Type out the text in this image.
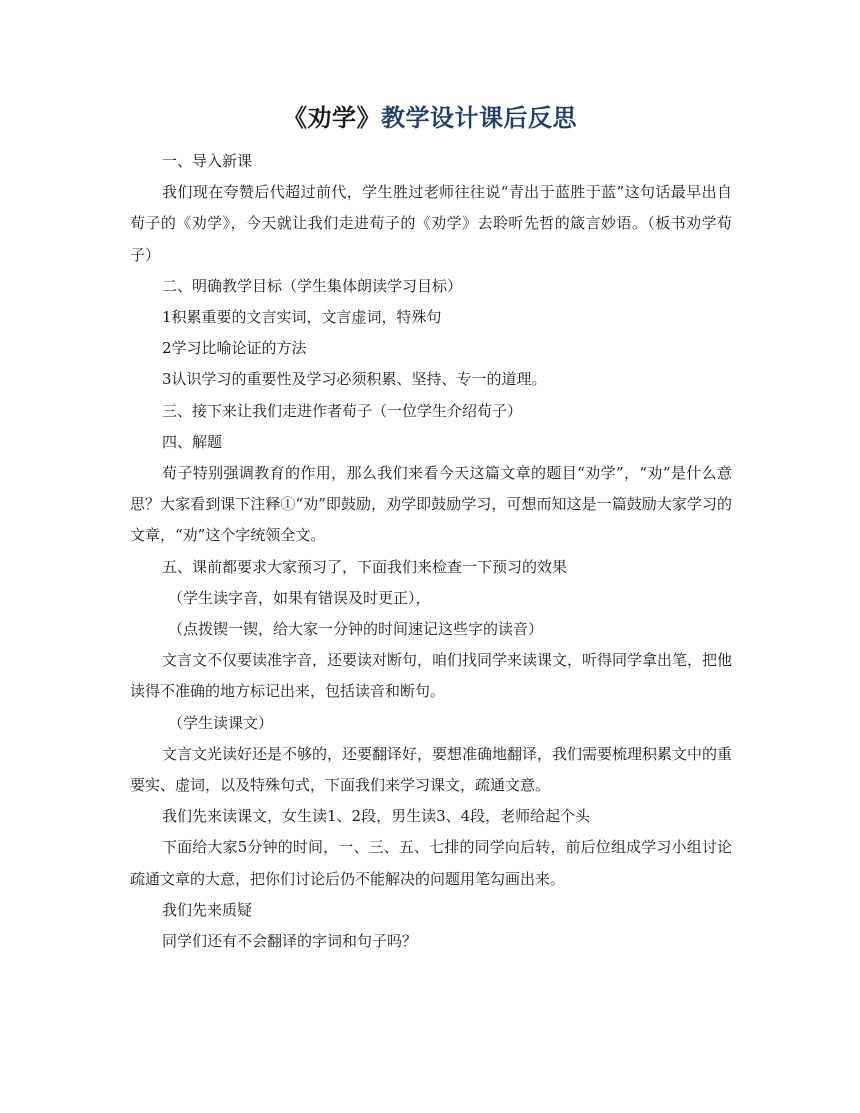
《劝学》教学设计课后反思

一、导入新课

我们现在夸赞后代超过前代，学生胜过老师往往说“青出于蓝胜于蓝”这句话最早出自荀子的《劝学》，今天就让我们走进荀子的《劝学》去聆听先哲的箴言妙语。（板书劝学荀子）

二、明确教学目标（学生集体朗读学习目标）

1积累重要的文言实词，文言虚词，特殊句

2学习比喻论证的方法

3认识学习的重要性及学习必须积累、坚持、专一的道理。

三、接下来让我们走进作者荀子（一位学生介绍荀子）

四、解题

荀子特别强调教育的作用，那么我们来看今天这篇文章的题目“劝学”，“劝”是什么意思？大家看到课下注释①“劝”即鼓励，劝学即鼓励学习，可想而知这是一篇鼓励大家学习的文章，“劝”这个字统领全文。

五、课前都要求大家预习了，下面我们来检查一下预习的效果

（学生读字音，如果有错误及时更正），

（点拨锲一锲，给大家一分钟的时间速记这些字的读音）

文言文不仅要读准字音，还要读对断句，咱们找同学来读课文，听得同学拿出笔，把他读得不准确的地方标记出来，包括读音和断句。

（学生读课文）

文言文光读好还是不够的，还要翻译好，要想准确地翻译，我们需要梳理积累文中的重要实、虚词，以及特殊句式，下面我们来学习课文，疏通文意。

我们先来读课文，女生读1、2段，男生读3、4段，老师给起个头

下面给大家5分钟的时间，一、三、五、七排的同学向后转，前后位组成学习小组讨论疏通文章的大意，把你们讨论后仍不能解决的问题用笔勾画出来。

我们先来质疑

同学们还有不会翻译的字词和句子吗？
